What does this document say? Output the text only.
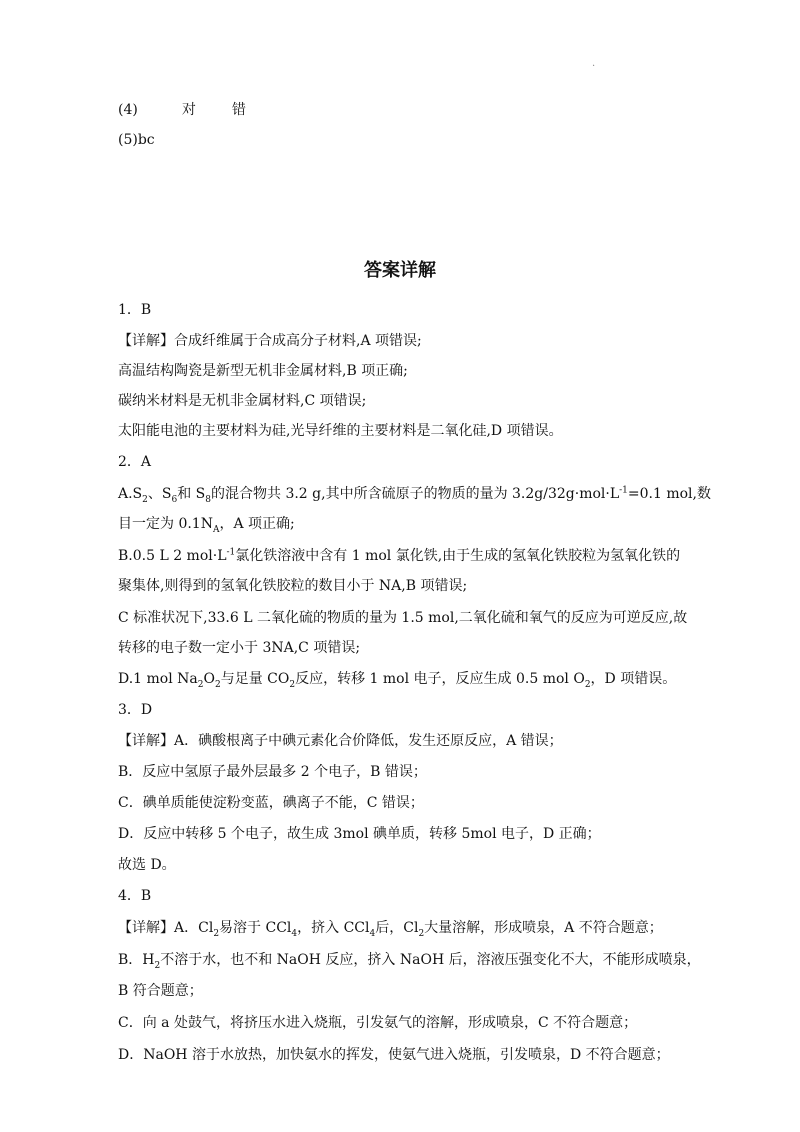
.
(4)	对	错
(5)bc
答案详解
1．B
【详解】合成纤维属于合成高分子材料,A 项错误;
高温结构陶瓷是新型无机非金属材料,B 项正确;
碳纳米材料是无机非金属材料,C 项错误;
太阳能电池的主要材料为硅,光导纤维的主要材料是二氧化硅,D 项错误。
2．A
$A.S_2$、$S_6$和 $S_8$的混合物共 3.2 g,其中所含硫原子的物质的量为 $3.2g/32g\cdot mol\cdot L^{-1}=0.1$ mol,数
目一定为 $0.1N_A$，A 项正确;
B.0.5 L 2 $mol\cdot L^{-1}$氯化铁溶液中含有 1 mol 氯化铁,由于生成的氢氧化铁胶粒为氢氧化铁的
聚集体,则得到的氢氧化铁胶粒的数目小于 NA,B 项错误;
C 标准状况下,33.6 L 二氧化硫的物质的量为 1.5 mol,二氧化硫和氧气的反应为可逆反应,故
转移的电子数一定小于 3NA,C 项错误;
D.1 mol $Na_2O_2$与足量 $CO_2$反应，转移 1 mol 电子，反应生成 0.5 mol $O_2$，D 项错误。
3．D
【详解】A．碘酸根离子中碘元素化合价降低，发生还原反应，A 错误；
B．反应中氢原子最外层最多 2 个电子，B 错误；
C．碘单质能使淀粉变蓝，碘离子不能，C 错误；
D．反应中转移 5 个电子，故生成 3mol 碘单质，转移 5mol 电子，D 正确；
故选 D。
4．B
【详解】A．$Cl_2$易溶于 CCl$_4$，挤入 CCl$_4$后，$Cl_2$大量溶解，形成喷泉，A 不符合题意；
B．$H_2$不溶于水，也不和 NaOH 反应，挤入 NaOH 后，溶液压强变化不大，不能形成喷泉，
B 符合题意；
C．向 a 处鼓气，将挤压水进入烧瓶，引发氨气的溶解，形成喷泉，C 不符合题意；
D．NaOH 溶于水放热，加快氨水的挥发，使氨气进入烧瓶，引发喷泉，D 不符合题意；
